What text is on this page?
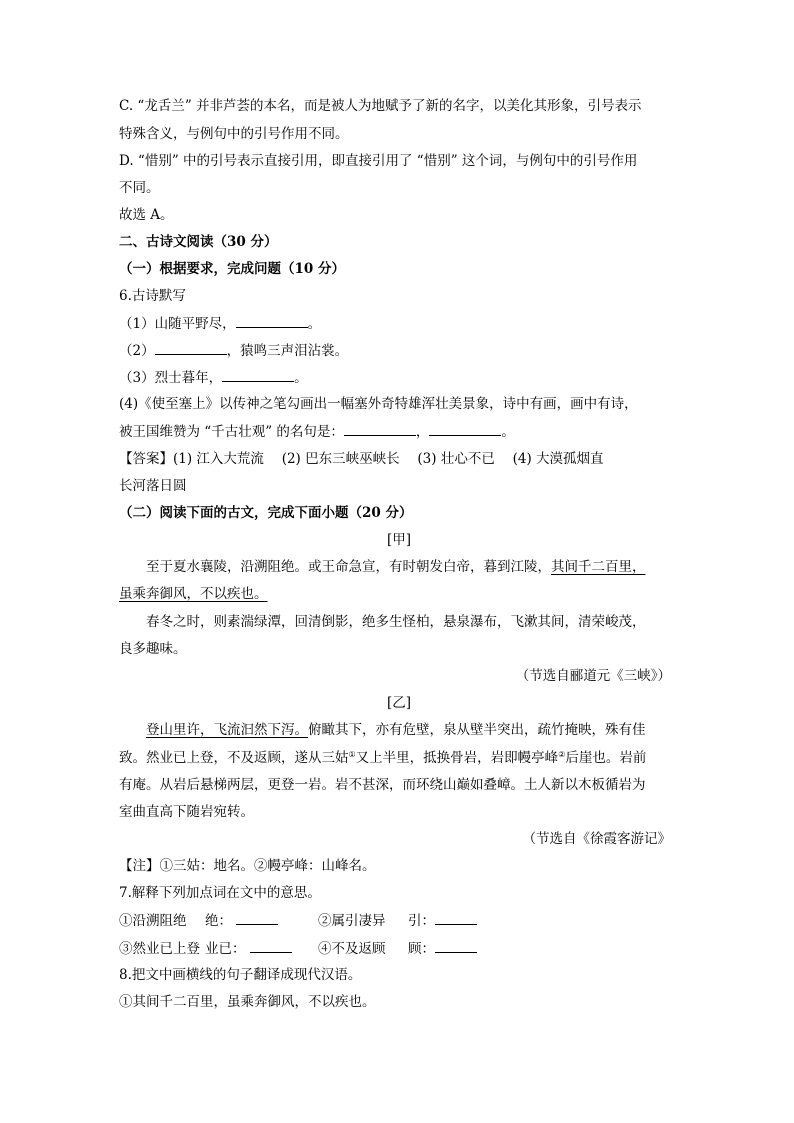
C. “龙舌兰” 并非芦荟的本名，而是被人为地赋予了新的名字，以美化其形象，引号表示
特殊含义，与例句中的引号作用不同。
D. “惜别” 中的引号表示直接引用，即直接引用了 “惜别” 这个词，与例句中的引号作用
不同。
故选 A。
二、古诗文阅读（30 分）
（一）根据要求，完成问题（10 分）
6.古诗默写
（1）山随平野尽，	。
（2）	，猿鸣三声泪沾裳。
（3）烈士暮年，	。
(4)《使至塞上》以传神之笔勾画出一幅塞外奇特雄浑壮美景象，诗中有画，画中有诗，
被王国维赞为 “千古壮观” 的名句是：	，	。
【答案】(1) 江入大荒流　 (2) 巴东三峡巫峡长　 (3) 壮心不已　 (4) 大漠孤烟直
长河落日圆
（二）阅读下面的古文，完成下面小题（20 分）
[甲]
至于夏水襄陵，沿溯阻绝。或王命急宣，有时朝发白帝，暮到江陵，其间千二百里，
虽乘奔御风，不以疾也。
春冬之时，则素湍绿潭，回清倒影，绝多生怪柏，悬泉瀑布，飞漱其间，清荣峻茂，
良多趣味。
（节选自郦道元《三峡》）
[乙]
登山里许，飞流汩然下泻。俯瞰其下，亦有危壁，泉从壁半突出，疏竹掩映，殊有佳
致。然业已上登，不及返顾，遂从三姑①又上半里，抵换骨岩，岩即幔亭峰②后崖也。岩前
有庵。从岩后悬梯两层，更登一岩。岩不甚深，而环绕山巅如叠嶂。土人新以木板循岩为
室曲直高下随岩宛转。
（节选自《徐霞客游记》
【注】①三姑：地名。②幔亭峰：山峰名。
7.解释下列加点词在文中的意思。
①沿溯阻绝 绝：	②属引凄异 引：
③然业已上登 业已：	④不及返顾 顾：
8.把文中画横线的句子翻译成现代汉语。
①其间千二百里，虽乘奔御风，不以疾也。
